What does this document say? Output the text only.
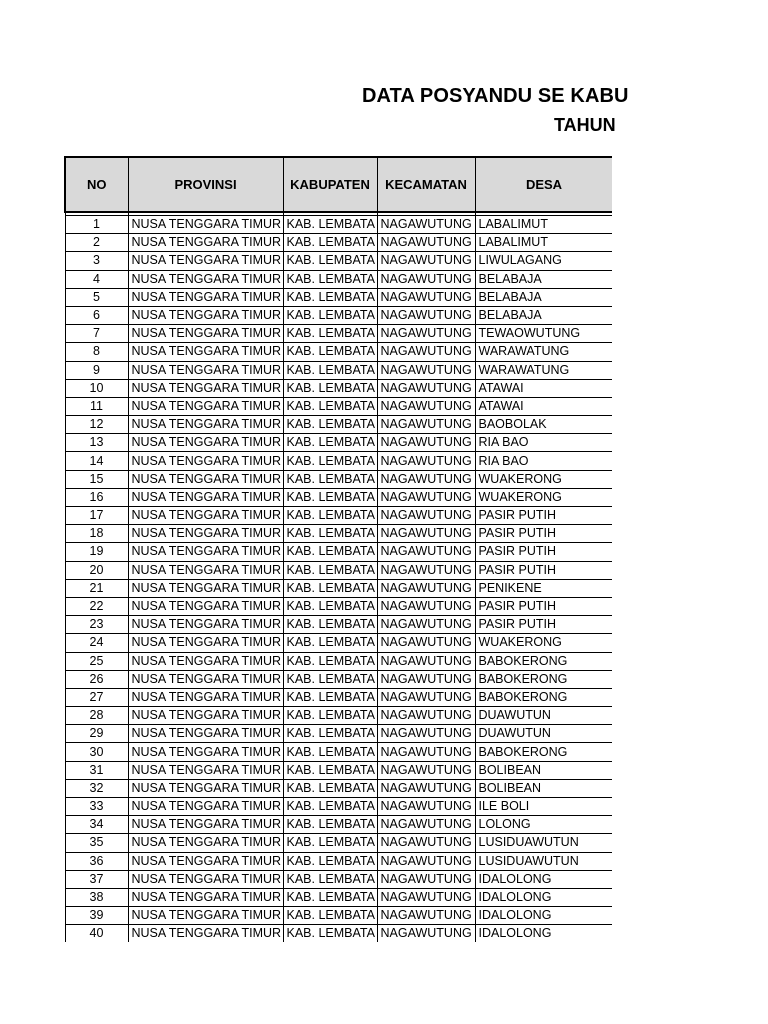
DATA POSYANDU SE KABU
TAHUN
NO	PROVINSI	KABUPATEN	KECAMATAN	DESA

1	NUSA TENGGARA TIMUR	KAB. LEMBATA	NAGAWUTUNG	LABALIMUT
2	NUSA TENGGARA TIMUR	KAB. LEMBATA	NAGAWUTUNG	LABALIMUT
3	NUSA TENGGARA TIMUR	KAB. LEMBATA	NAGAWUTUNG	LIWULAGANG
4	NUSA TENGGARA TIMUR	KAB. LEMBATA	NAGAWUTUNG	BELABAJA
5	NUSA TENGGARA TIMUR	KAB. LEMBATA	NAGAWUTUNG	BELABAJA
6	NUSA TENGGARA TIMUR	KAB. LEMBATA	NAGAWUTUNG	BELABAJA
7	NUSA TENGGARA TIMUR	KAB. LEMBATA	NAGAWUTUNG	TEWAOWUTUNG
8	NUSA TENGGARA TIMUR	KAB. LEMBATA	NAGAWUTUNG	WARAWATUNG
9	NUSA TENGGARA TIMUR	KAB. LEMBATA	NAGAWUTUNG	WARAWATUNG
10	NUSA TENGGARA TIMUR	KAB. LEMBATA	NAGAWUTUNG	ATAWAI
11	NUSA TENGGARA TIMUR	KAB. LEMBATA	NAGAWUTUNG	ATAWAI
12	NUSA TENGGARA TIMUR	KAB. LEMBATA	NAGAWUTUNG	BAOBOLAK
13	NUSA TENGGARA TIMUR	KAB. LEMBATA	NAGAWUTUNG	RIA BAO
14	NUSA TENGGARA TIMUR	KAB. LEMBATA	NAGAWUTUNG	RIA BAO
15	NUSA TENGGARA TIMUR	KAB. LEMBATA	NAGAWUTUNG	WUAKERONG
16	NUSA TENGGARA TIMUR	KAB. LEMBATA	NAGAWUTUNG	WUAKERONG
17	NUSA TENGGARA TIMUR	KAB. LEMBATA	NAGAWUTUNG	PASIR PUTIH
18	NUSA TENGGARA TIMUR	KAB. LEMBATA	NAGAWUTUNG	PASIR PUTIH
19	NUSA TENGGARA TIMUR	KAB. LEMBATA	NAGAWUTUNG	PASIR PUTIH
20	NUSA TENGGARA TIMUR	KAB. LEMBATA	NAGAWUTUNG	PASIR PUTIH
21	NUSA TENGGARA TIMUR	KAB. LEMBATA	NAGAWUTUNG	PENIKENE
22	NUSA TENGGARA TIMUR	KAB. LEMBATA	NAGAWUTUNG	PASIR PUTIH
23	NUSA TENGGARA TIMUR	KAB. LEMBATA	NAGAWUTUNG	PASIR PUTIH
24	NUSA TENGGARA TIMUR	KAB. LEMBATA	NAGAWUTUNG	WUAKERONG
25	NUSA TENGGARA TIMUR	KAB. LEMBATA	NAGAWUTUNG	BABOKERONG
26	NUSA TENGGARA TIMUR	KAB. LEMBATA	NAGAWUTUNG	BABOKERONG
27	NUSA TENGGARA TIMUR	KAB. LEMBATA	NAGAWUTUNG	BABOKERONG
28	NUSA TENGGARA TIMUR	KAB. LEMBATA	NAGAWUTUNG	DUAWUTUN
29	NUSA TENGGARA TIMUR	KAB. LEMBATA	NAGAWUTUNG	DUAWUTUN
30	NUSA TENGGARA TIMUR	KAB. LEMBATA	NAGAWUTUNG	BABOKERONG
31	NUSA TENGGARA TIMUR	KAB. LEMBATA	NAGAWUTUNG	BOLIBEAN
32	NUSA TENGGARA TIMUR	KAB. LEMBATA	NAGAWUTUNG	BOLIBEAN
33	NUSA TENGGARA TIMUR	KAB. LEMBATA	NAGAWUTUNG	ILE BOLI
34	NUSA TENGGARA TIMUR	KAB. LEMBATA	NAGAWUTUNG	LOLONG
35	NUSA TENGGARA TIMUR	KAB. LEMBATA	NAGAWUTUNG	LUSIDUAWUTUN
36	NUSA TENGGARA TIMUR	KAB. LEMBATA	NAGAWUTUNG	LUSIDUAWUTUN
37	NUSA TENGGARA TIMUR	KAB. LEMBATA	NAGAWUTUNG	IDALOLONG
38	NUSA TENGGARA TIMUR	KAB. LEMBATA	NAGAWUTUNG	IDALOLONG
39	NUSA TENGGARA TIMUR	KAB. LEMBATA	NAGAWUTUNG	IDALOLONG
40	NUSA TENGGARA TIMUR	KAB. LEMBATA	NAGAWUTUNG	IDALOLONG
